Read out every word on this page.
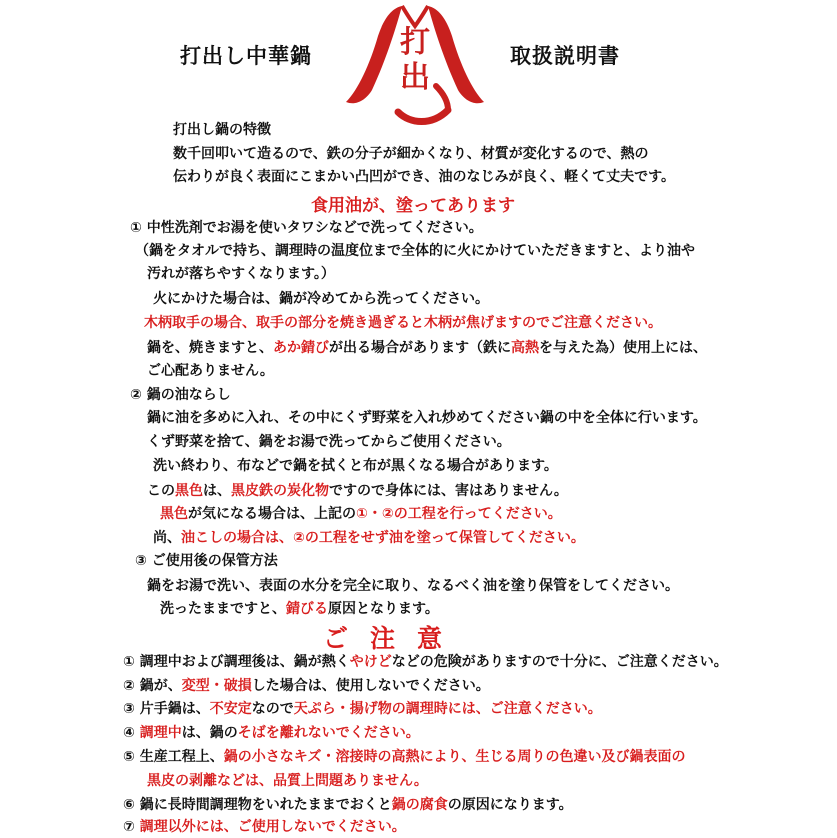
打出し中華鍋	取扱説明書
打
出
打出し鍋の特徴
数千回叩いて造るので、鉄の分子が細かくなり、材質が変化するので、熱の
伝わりが良く表面にこまかい凸凹ができ、油のなじみが良く、軽くて丈夫です。
食用油が、塗ってあります
① 中性洗剤でお湯を使いタワシなどで洗ってください。
（鍋をタオルで持ち、調理時の温度位まで全体的に火にかけていただきますと、より油や
汚れが落ちやすくなります。）
火にかけた場合は、鍋が冷めてから洗ってください。
木柄取手の場合、取手の部分を焼き過ぎると木柄が焦げますのでご注意ください。
鍋を、焼きますと、あか錆びが出る場合があります（鉄に高熱を与えた為）使用上には、
ご心配ありません。
② 鍋の油ならし
鍋に油を多めに入れ、その中にくず野菜を入れ炒めてください鍋の中を全体に行います。
くず野菜を捨て、鍋をお湯で洗ってからご使用ください。
洗い終わり、布などで鍋を拭くと布が黒くなる場合があります。
この黒色は、黒皮鉄の炭化物ですので身体には、害はありません。
黒色が気になる場合は、上記の①・②の工程を行ってください。
尚、油こしの場合は、②の工程をせず油を塗って保管してください。
③ ご使用後の保管方法
鍋をお湯で洗い、表面の水分を完全に取り、なるべく油を塗り保管をしてください。
洗ったままですと、錆びる原因となります。
ご注意
① 調理中および調理後は、鍋が熱くやけどなどの危険がありますので十分に、ご注意ください。
② 鍋が、変型・破損した場合は、使用しないでください。
③ 片手鍋は、不安定なので天ぷら・揚げ物の調理時には、ご注意ください。
④ 調理中は、鍋のそばを離れないでください。
⑤ 生産工程上、鍋の小さなキズ・溶接時の高熱により、生じる周りの色違い及び鍋表面の
黒皮の剥離などは、品質上問題ありません。
⑥ 鍋に長時間調理物をいれたままでおくと鍋の腐食の原因になります。
⑦ 調理以外には、ご使用しないでください。
